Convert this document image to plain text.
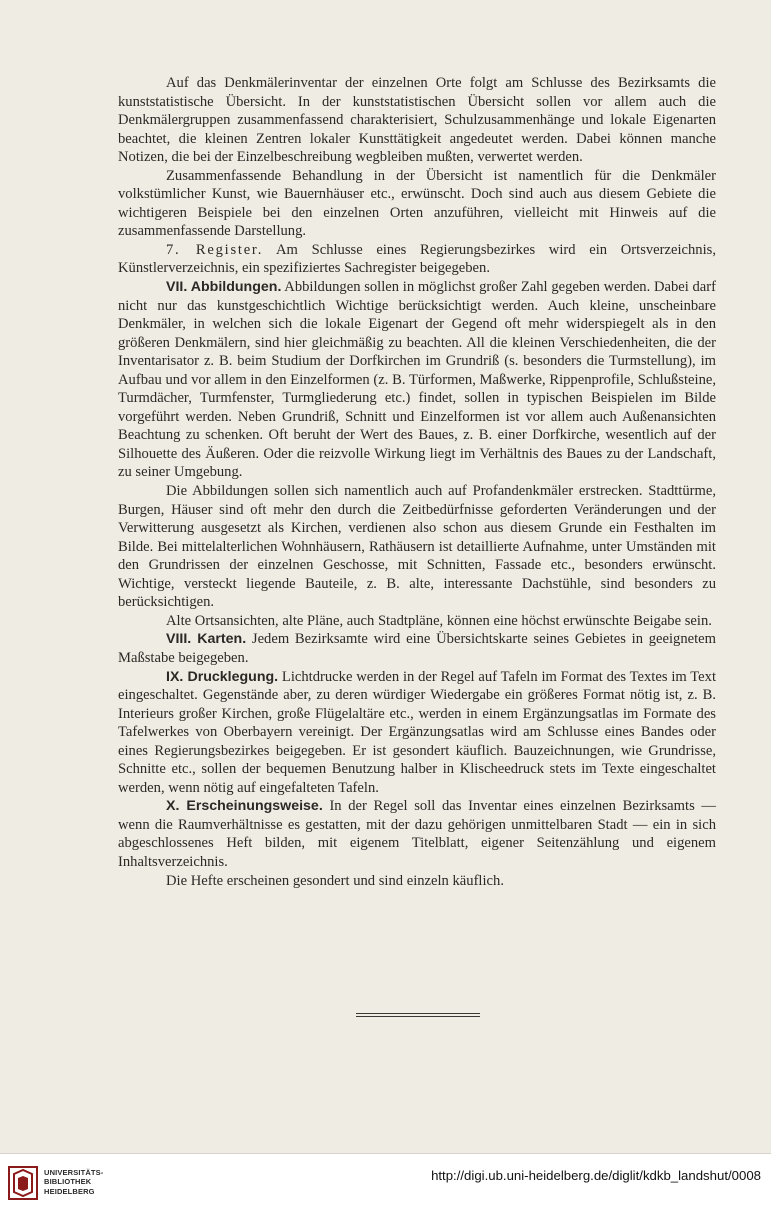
Auf das Denkmälerinventar der einzelnen Orte folgt am Schlusse des Bezirksamts die kunststatistische Übersicht. In der kunststatistischen Übersicht sollen vor allem auch die Denkmälergruppen zusammenfassend charakterisiert, Schulzusammenhänge und lokale Eigenarten beachtet, die kleinen Zentren lokaler Kunsttätigkeit angedeutet werden. Dabei können manche Notizen, die bei der Einzelbeschreibung wegbleiben mußten, verwertet werden.

Zusammenfassende Behandlung in der Übersicht ist namentlich für die Denkmäler volkstümlicher Kunst, wie Bauernhäuser etc., erwünscht. Doch sind auch aus diesem Gebiete die wichtigeren Beispiele bei den einzelnen Orten anzuführen, vielleicht mit Hinweis auf die zusammenfassende Darstellung.

7. Register. Am Schlusse eines Regierungsbezirkes wird ein Ortsverzeichnis, Künstlerverzeichnis, ein spezifiziertes Sachregister beigegeben.

VII. Abbildungen. Abbildungen sollen in möglichst großer Zahl gegeben werden. Dabei darf nicht nur das kunstgeschichtlich Wichtige berücksichtigt werden. Auch kleine, unscheinbare Denkmäler, in welchen sich die lokale Eigenart der Gegend oft mehr widerspiegelt als in den größeren Denkmälern, sind hier gleichmäßig zu beachten. All die kleinen Verschiedenheiten, die der Inventarisator z. B. beim Studium der Dorfkirchen im Grundriß (s. besonders die Turmstellung), im Aufbau und vor allem in den Einzelformen (z. B. Türformen, Maßwerke, Rippenprofile, Schlußsteine, Turmdächer, Turmfenster, Turmgliederung etc.) findet, sollen in typischen Beispielen im Bilde vorgeführt werden. Neben Grundriß, Schnitt und Einzelformen ist vor allem auch Außenansichten Beachtung zu schenken. Oft beruht der Wert des Baues, z. B. einer Dorfkirche, wesentlich auf der Silhouette des Äußeren. Oder die reizvolle Wirkung liegt im Verhältnis des Baues zu der Landschaft, zu seiner Umgebung.

Die Abbildungen sollen sich namentlich auch auf Profandenkmäler erstrecken. Stadttürme, Burgen, Häuser sind oft mehr den durch die Zeitbedürfnisse geforderten Veränderungen und der Verwitterung ausgesetzt als Kirchen, verdienen also schon aus diesem Grunde ein Festhalten im Bilde. Bei mittelalterlichen Wohnhäusern, Rathäusern ist detaillierte Aufnahme, unter Umständen mit den Grundrissen der einzelnen Geschosse, mit Schnitten, Fassade etc., besonders erwünscht. Wichtige, versteckt liegende Bauteile, z. B. alte, interessante Dachstühle, sind besonders zu berücksichtigen.

Alte Ortsansichten, alte Pläne, auch Stadtpläne, können eine höchst erwünschte Beigabe sein.

VIII. Karten. Jedem Bezirksamte wird eine Übersichtskarte seines Gebietes in geeignetem Maßstabe beigegeben.

IX. Drucklegung. Lichtdrucke werden in der Regel auf Tafeln im Format des Textes im Text eingeschaltet. Gegenstände aber, zu deren würdiger Wiedergabe ein größeres Format nötig ist, z. B. Interieurs großer Kirchen, große Flügelaltäre etc., werden in einem Ergänzungsatlas im Formate des Tafelwerkes von Oberbayern vereinigt. Der Ergänzungsatlas wird am Schlusse eines Bandes oder eines Regierungsbezirkes beigegeben. Er ist gesondert käuflich. Bauzeichnungen, wie Grundrisse, Schnitte etc., sollen der bequemen Benutzung halber in Klischeedruck stets im Texte eingeschaltet werden, wenn nötig auf eingefalteten Tafeln.

X. Erscheinungsweise. In der Regel soll das Inventar eines einzelnen Bezirksamts — wenn die Raumverhältnisse es gestatten, mit der dazu gehörigen unmittelbaren Stadt — ein in sich abgeschlossenes Heft bilden, mit eigenem Titelblatt, eigener Seitenzählung und eigenem Inhaltsverzeichnis.

Die Hefte erscheinen gesondert und sind einzeln käuflich.

UNIVERSITÄTS-
BIBLIOTHEK
HEIDELBERG
http://digi.ub.uni-heidelberg.de/diglit/kdkb_landshut/0008
